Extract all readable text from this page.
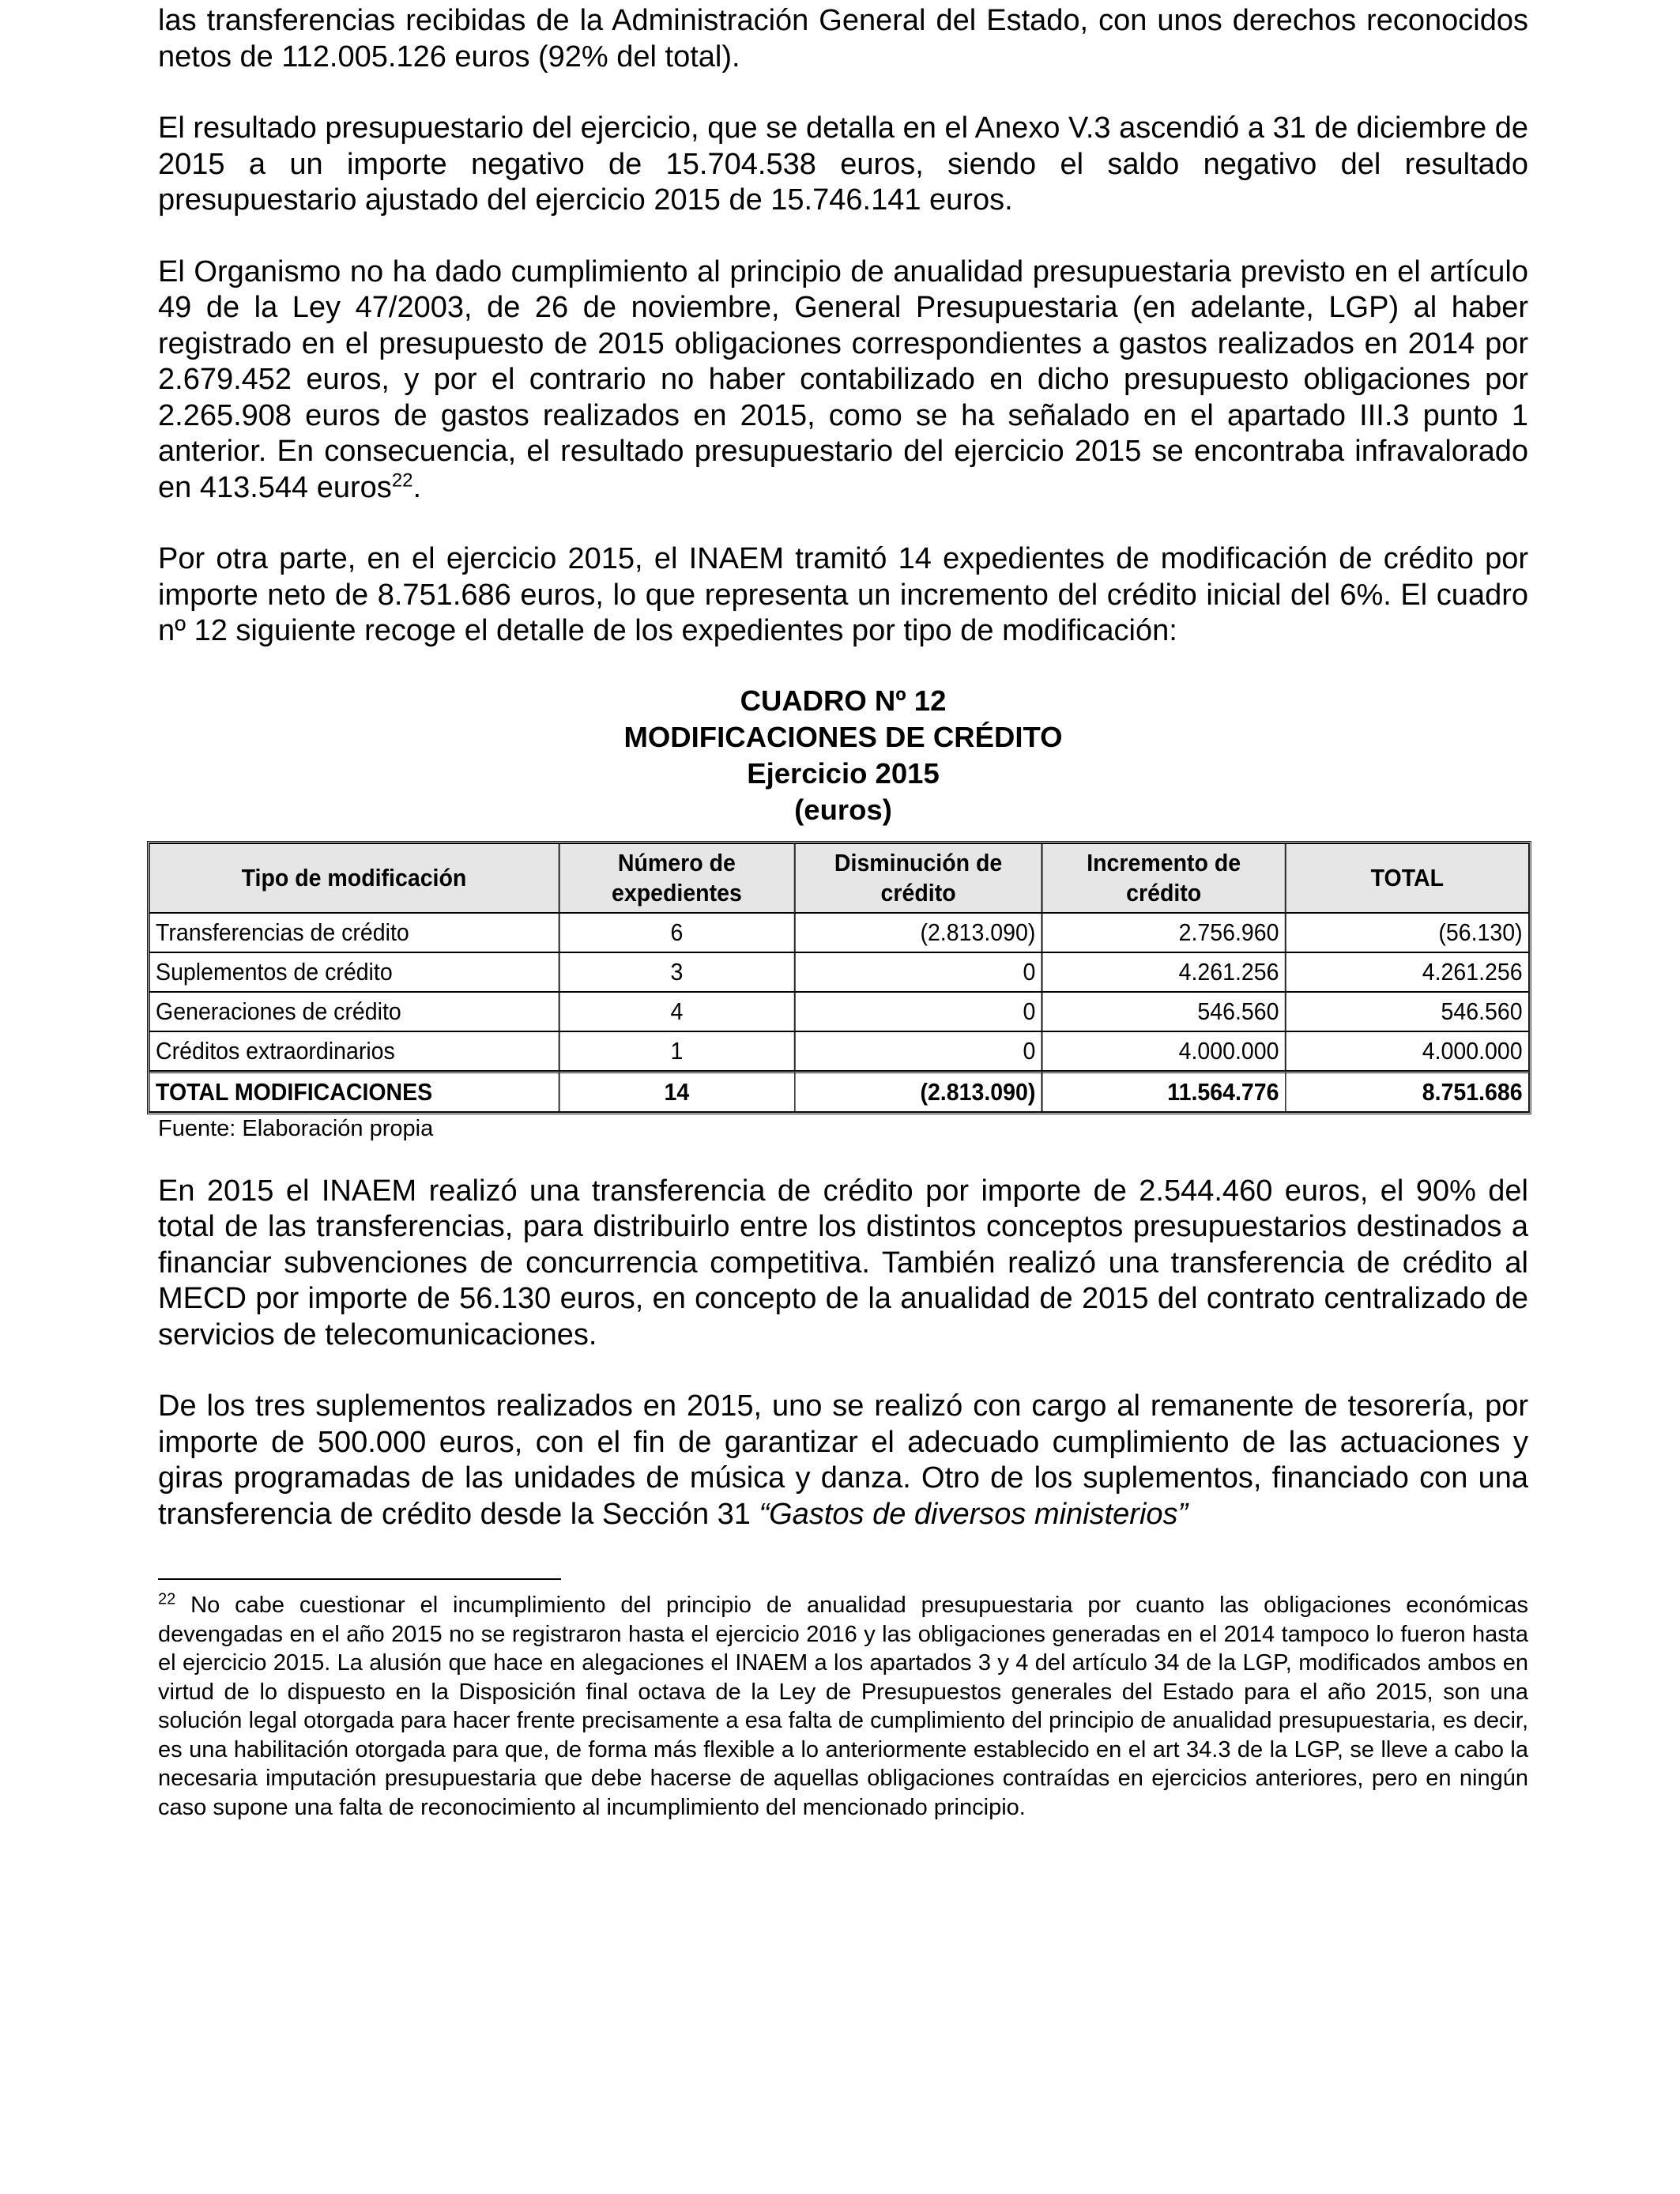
las transferencias recibidas de la Administración General del Estado, con unos derechos reconocidos netos de 112.005.126 euros (92% del total).

El resultado presupuestario del ejercicio, que se detalla en el Anexo V.3 ascendió a 31 de diciembre de 2015 a un importe negativo de 15.704.538 euros, siendo el saldo negativo del resultado presupuestario ajustado del ejercicio 2015 de 15.746.141 euros.

El Organismo no ha dado cumplimiento al principio de anualidad presupuestaria previsto en el artículo 49 de la Ley 47/2003, de 26 de noviembre, General Presupuestaria (en adelante, LGP) al haber registrado en el presupuesto de 2015 obligaciones correspondientes a gastos realizados en 2014 por 2.679.452 euros, y por el contrario no haber contabilizado en dicho presupuesto obligaciones por 2.265.908 euros de gastos realizados en 2015, como se ha señalado en el apartado III.3 punto 1 anterior. En consecuencia, el resultado presupuestario del ejercicio 2015 se encontraba infravalorado en 413.544 euros$^{22}$.

Por otra parte, en el ejercicio 2015, el INAEM tramitó 14 expedientes de modificación de crédito por importe neto de 8.751.686 euros, lo que representa un incremento del crédito inicial del 6%. El cuadro nº 12 siguiente recoge el detalle de los expedientes por tipo de modificación:

CUADRO Nº 12
MODIFICACIONES DE CRÉDITO
Ejercicio 2015
(euros)
Tipo de modificación	Número de expedientes	Disminución de crédito	Incremento de crédito	TOTAL
Transferencias de crédito	6	(2.813.090)	2.756.960	(56.130)
Suplementos de crédito	3	0	4.261.256	4.261.256
Generaciones de crédito	4	0	546.560	546.560
Créditos extraordinarios	1	0	4.000.000	4.000.000
TOTAL MODIFICACIONES	14	(2.813.090)	11.564.776	8.751.686
Fuente: Elaboración propia

En 2015 el INAEM realizó una transferencia de crédito por importe de 2.544.460 euros, el 90% del total de las transferencias, para distribuirlo entre los distintos conceptos presupuestarios destinados a financiar subvenciones de concurrencia competitiva. También realizó una transferencia de crédito al MECD por importe de 56.130 euros, en concepto de la anualidad de 2015 del contrato centralizado de servicios de telecomunicaciones.

De los tres suplementos realizados en 2015, uno se realizó con cargo al remanente de tesorería, por importe de 500.000 euros, con el fin de garantizar el adecuado cumplimiento de las actuaciones y giras programadas de las unidades de música y danza. Otro de los suplementos, financiado con una transferencia de crédito desde la Sección 31 “Gastos de diversos ministerios”

$^{22}$ No cabe cuestionar el incumplimiento del principio de anualidad presupuestaria por cuanto las obligaciones económicas devengadas en el año 2015 no se registraron hasta el ejercicio 2016 y las obligaciones generadas en el 2014 tampoco lo fueron hasta el ejercicio 2015. La alusión que hace en alegaciones el INAEM a los apartados 3 y 4 del artículo 34 de la LGP, modificados ambos en virtud de lo dispuesto en la Disposición final octava de la Ley de Presupuestos generales del Estado para el año 2015, son una solución legal otorgada para hacer frente precisamente a esa falta de cumplimiento del principio de anualidad presupuestaria, es decir, es una habilitación otorgada para que, de forma más flexible a lo anteriormente establecido en el art 34.3 de la LGP, se lleve a cabo la necesaria imputación presupuestaria que debe hacerse de aquellas obligaciones contraídas en ejercicios anteriores, pero en ningún caso supone una falta de reconocimiento al incumplimiento del mencionado principio.
